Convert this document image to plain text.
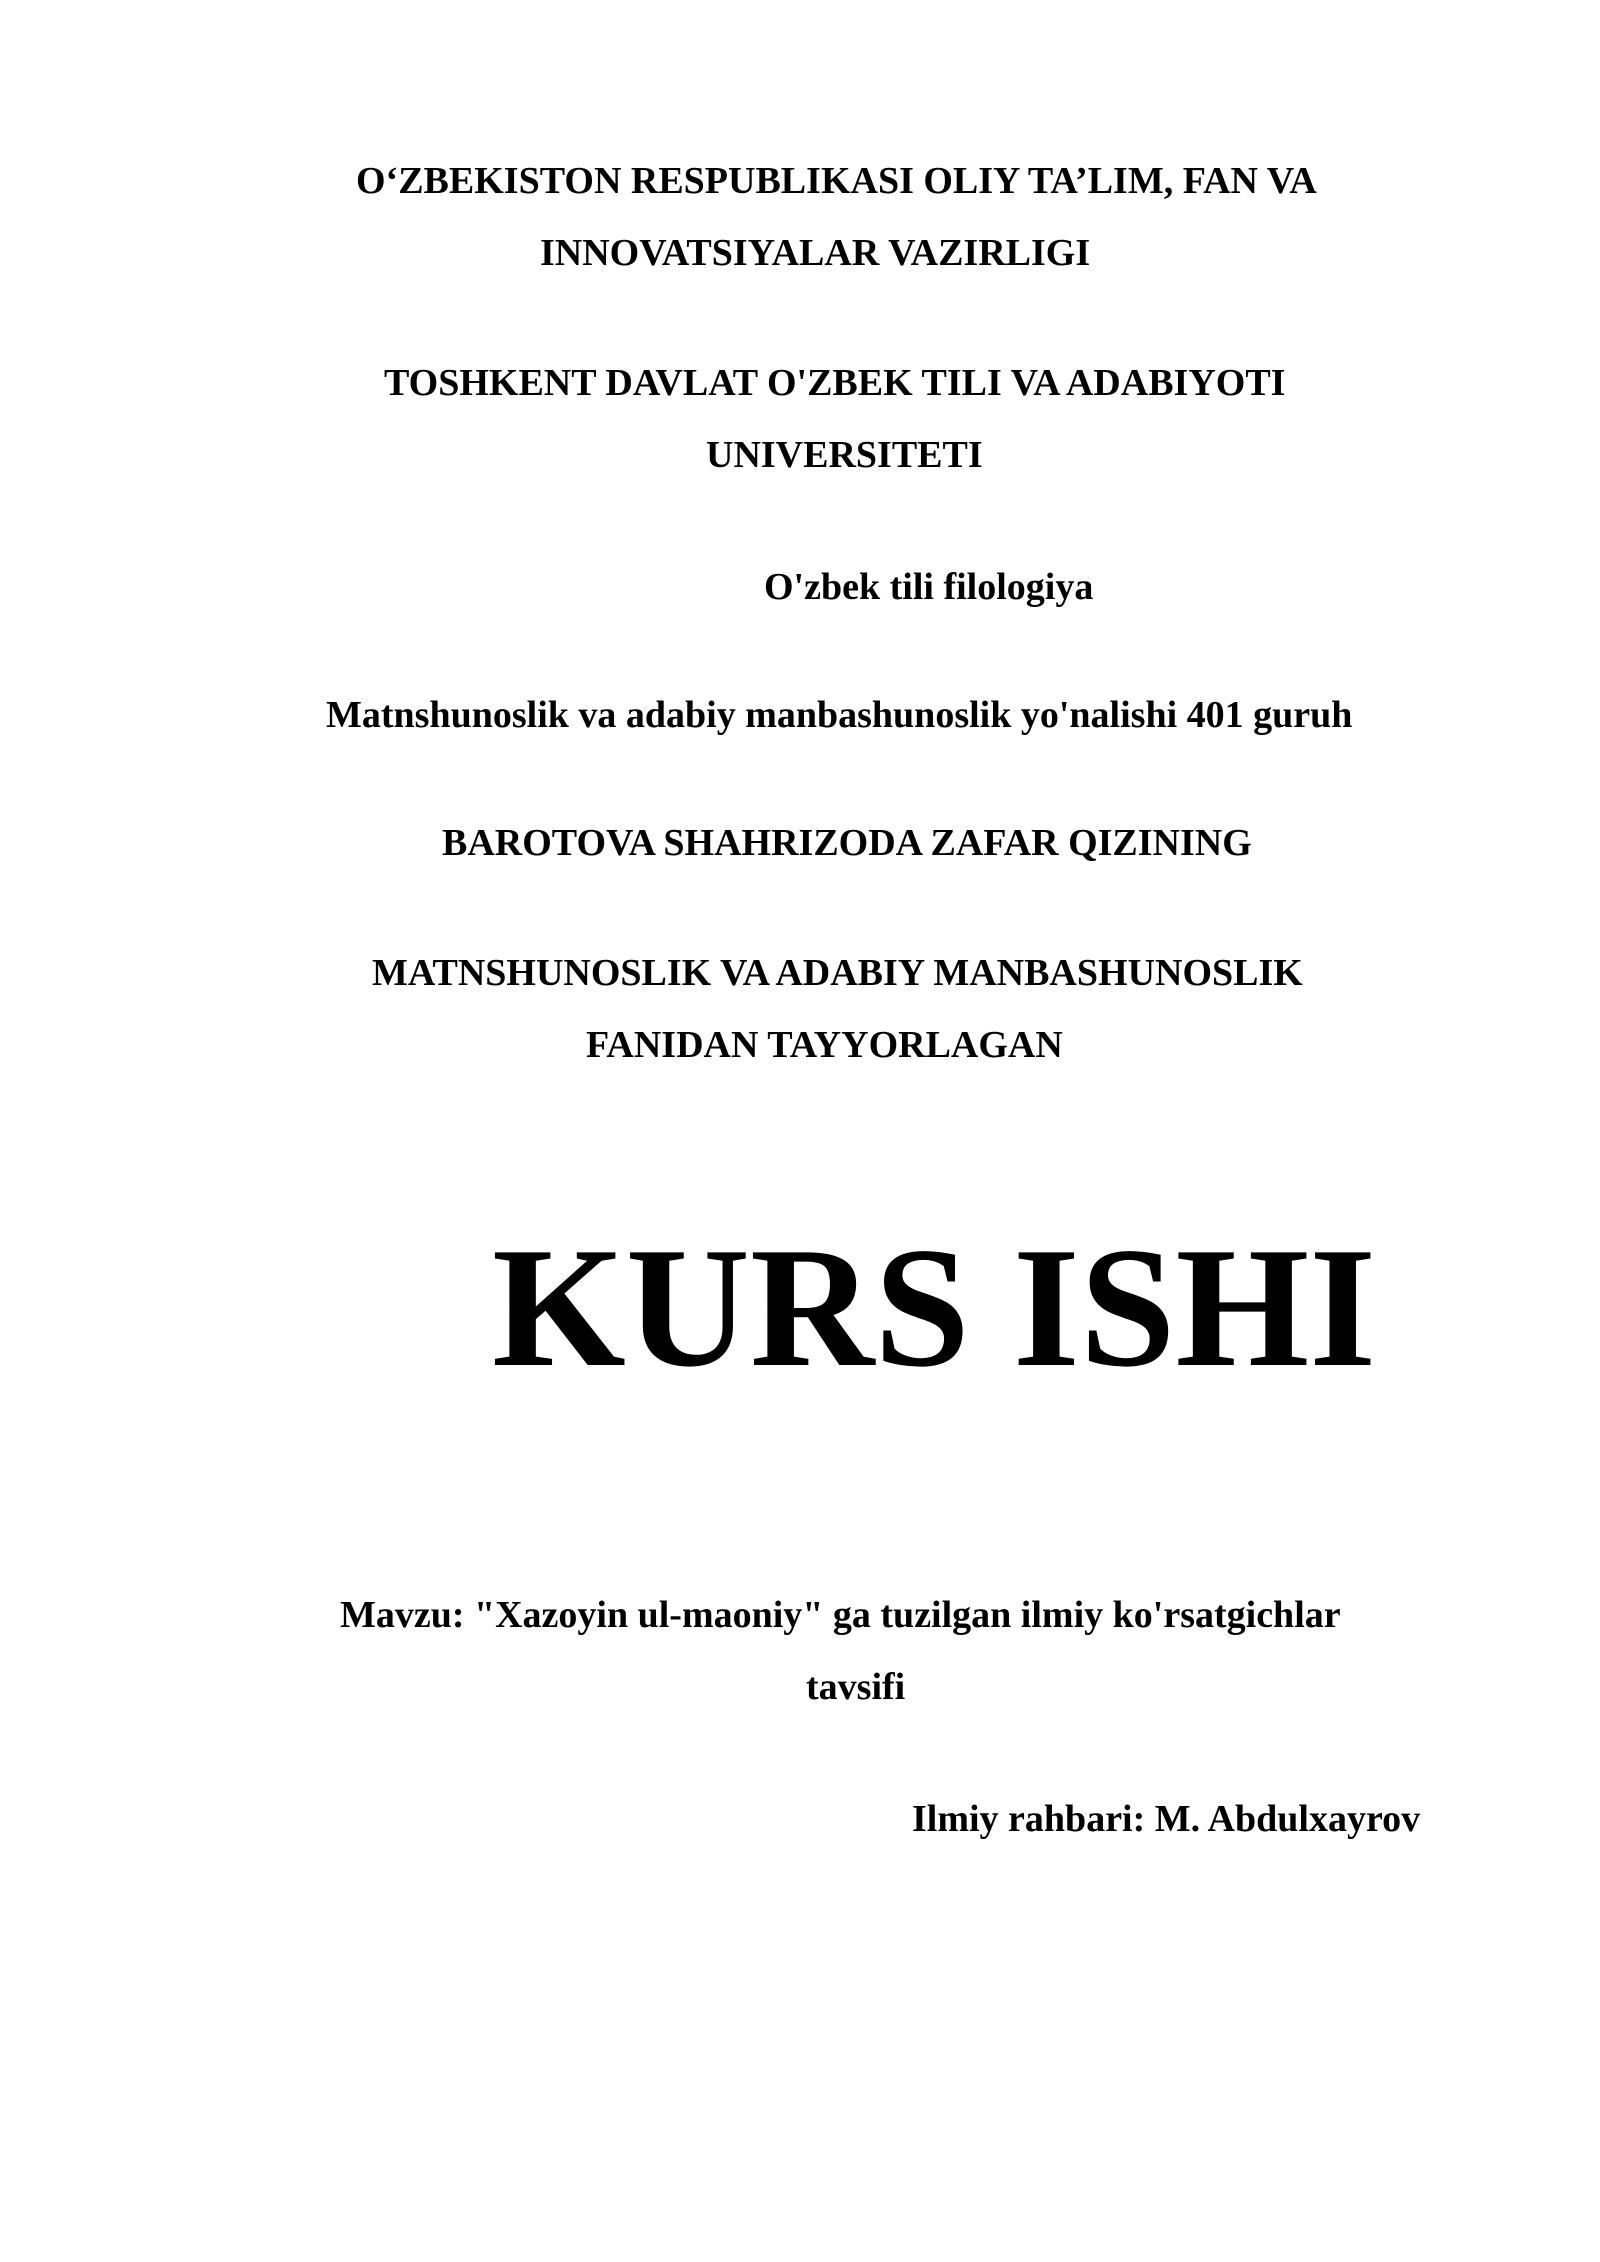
O‘ZBEKISTON RESPUBLIKASI OLIY TA’LIM, FAN VA
INNOVATSIYALAR VAZIRLIGI
TOSHKENT DAVLAT O'ZBEK TILI VA ADABIYOTI
UNIVERSITETI
O'zbek tili filologiya
Matnshunoslik va adabiy manbashunoslik yo'nalishi 401 guruh
BAROTOVA SHAHRIZODA ZAFAR QIZINING
MATNSHUNOSLIK VA ADABIY MANBASHUNOSLIK
FANIDAN TAYYORLAGAN
KURS ISHI
Mavzu: "Xazoyin ul-maoniy" ga tuzilgan ilmiy ko'rsatgichlar
tavsifi
Ilmiy rahbari: M. Abdulxayrov
